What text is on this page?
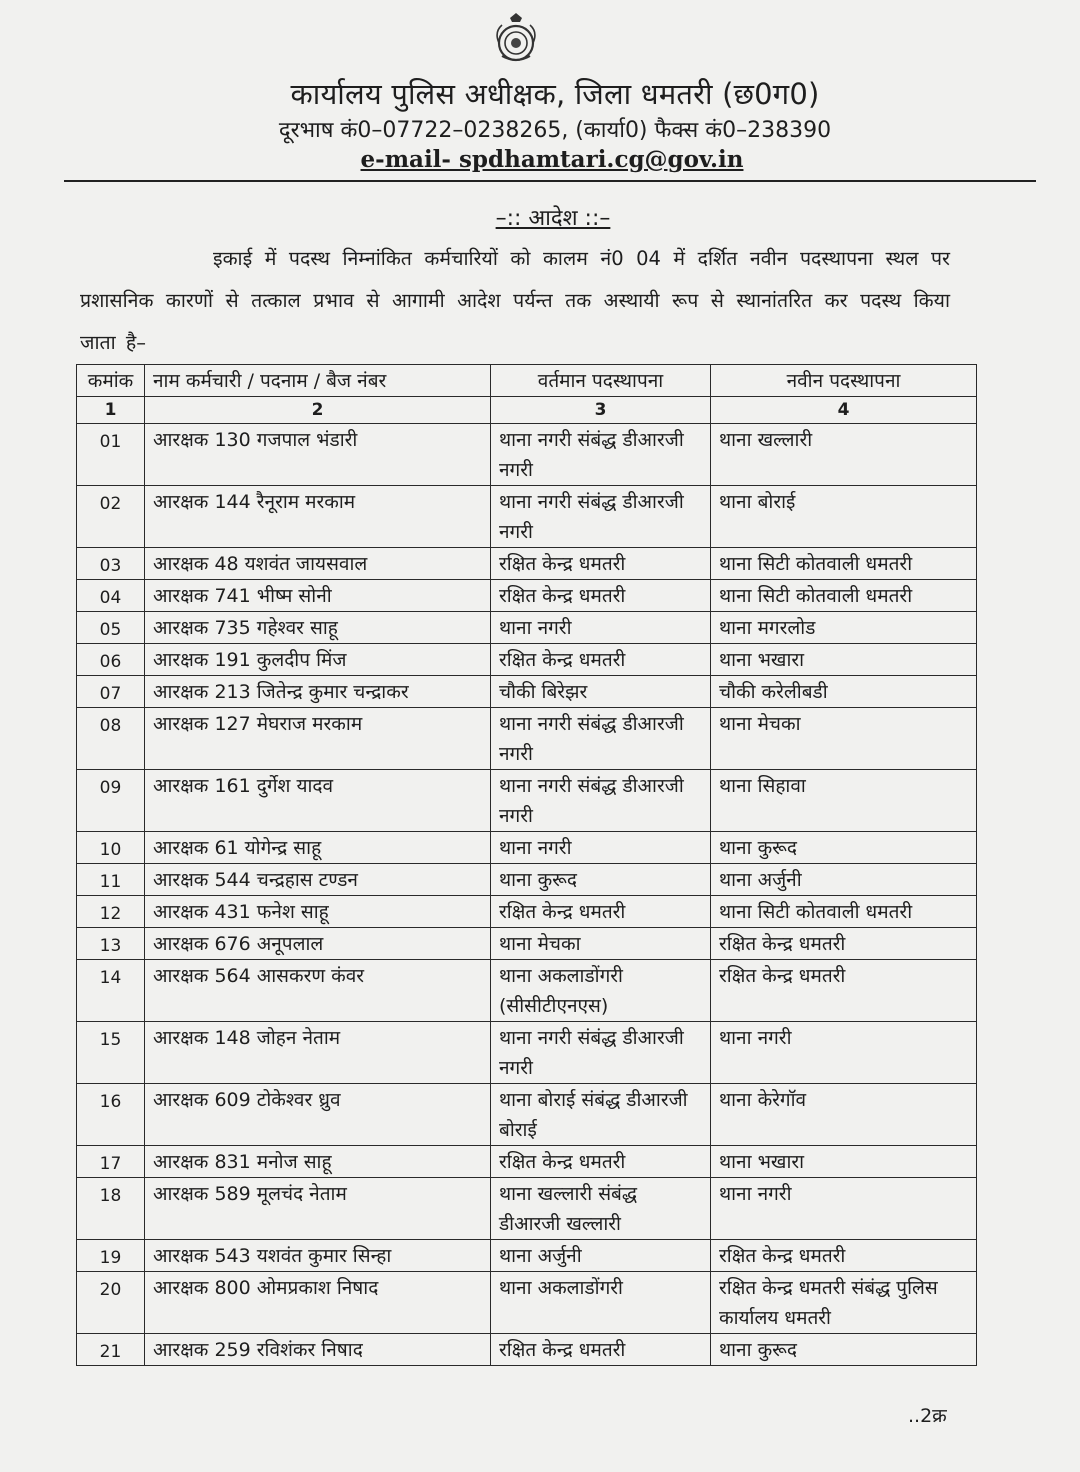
कार्यालय पुलिस अधीक्षक, जिला धमतरी (छ0ग0)
दूरभाष कं0–07722–0238265, (कार्या0) फैक्स कं0–238390
e-mail- spdhamtari.cg@gov.in
–:: आदेश ::–
इकाई में पदस्थ निम्नांकित कर्मचारियों को कालम नं0 04 में दर्शित नवीन पदस्थापना स्थल पर प्रशासनिक कारणों से तत्काल प्रभाव से आगामी आदेश पर्यन्त तक अस्थायी रूप से स्थानांतरित कर पदस्थ किया जाता है–
कमांक	नाम कर्मचारी / पदनाम / बैज नंबर	वर्तमान पदस्थापना	नवीन पदस्थापना
1	2	3	4
01	आरक्षक 130 गजपाल भंडारी	थाना नगरी संबंद्ध डीआरजी नगरी	थाना खल्लारी
02	आरक्षक 144 रैनूराम मरकाम	थाना नगरी संबंद्ध डीआरजी नगरी	थाना बोराई
03	आरक्षक 48 यशवंत जायसवाल	रक्षित केन्द्र धमतरी	थाना सिटी कोतवाली धमतरी
04	आरक्षक 741 भीष्म सोनी	रक्षित केन्द्र धमतरी	थाना सिटी कोतवाली धमतरी
05	आरक्षक 735 गहेश्वर साहू	थाना नगरी	थाना मगरलोड
06	आरक्षक 191 कुलदीप मिंज	रक्षित केन्द्र धमतरी	थाना भखारा
07	आरक्षक 213 जितेन्द्र कुमार चन्द्राकर	चौकी बिरेझर	चौकी करेलीबडी
08	आरक्षक 127 मेघराज मरकाम	थाना नगरी संबंद्ध डीआरजी नगरी	थाना मेचका
09	आरक्षक 161 दुर्गेश यादव	थाना नगरी संबंद्ध डीआरजी नगरी	थाना सिहावा
10	आरक्षक 61 योगेन्द्र साहू	थाना नगरी	थाना कुरूद
11	आरक्षक 544 चन्द्रहास टण्डन	थाना कुरूद	थाना अर्जुनी
12	आरक्षक 431 फनेश साहू	रक्षित केन्द्र धमतरी	थाना सिटी कोतवाली धमतरी
13	आरक्षक 676 अनूपलाल	थाना मेचका	रक्षित केन्द्र धमतरी
14	आरक्षक 564 आसकरण कंवर	थाना अकलाडोंगरी (सीसीटीएनएस)	रक्षित केन्द्र धमतरी
15	आरक्षक 148 जोहन नेताम	थाना नगरी संबंद्ध डीआरजी नगरी	थाना नगरी
16	आरक्षक 609 टोकेश्वर ध्रुव	थाना बोराई संबंद्ध डीआरजी बोराई	थाना केरेगॉव
17	आरक्षक 831 मनोज साहू	रक्षित केन्द्र धमतरी	थाना भखारा
18	आरक्षक 589 मूलचंद नेताम	थाना खल्लारी संबंद्ध डीआरजी खल्लारी	थाना नगरी
19	आरक्षक 543 यशवंत कुमार सिन्हा	थाना अर्जुनी	रक्षित केन्द्र धमतरी
20	आरक्षक 800 ओमप्रकाश निषाद	थाना अकलाडोंगरी	रक्षित केन्द्र धमतरी संबंद्ध पुलिस कार्यालय धमतरी
21	आरक्षक 259 रविशंकर निषाद	रक्षित केन्द्र धमतरी	थाना कुरूद
..2क्र
